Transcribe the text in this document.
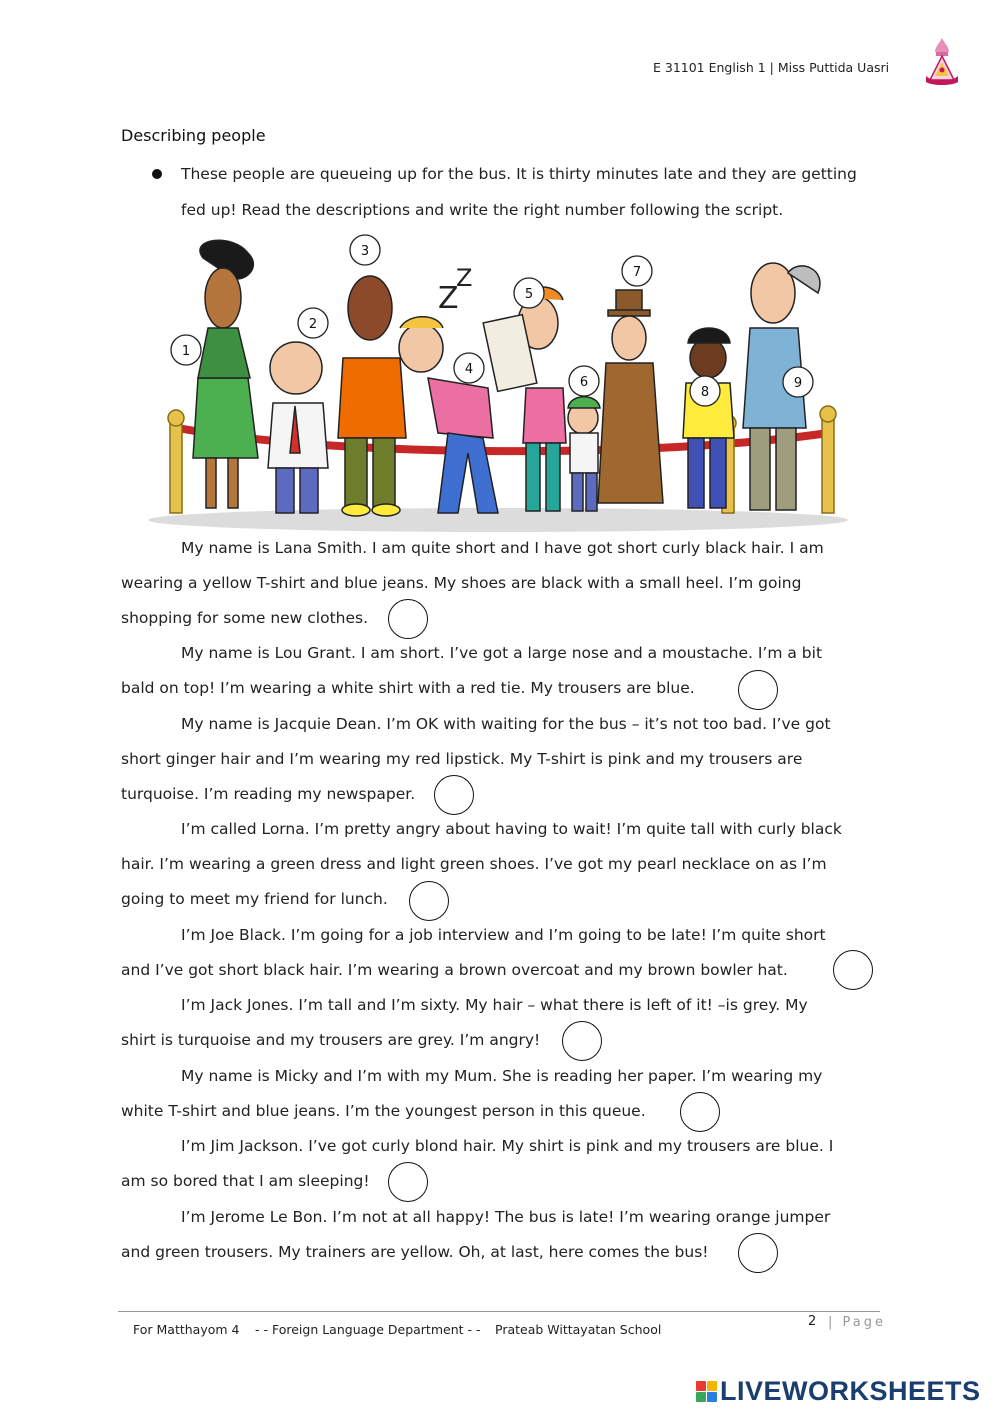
E 31101 English 1 | Miss Puttida Uasri
Describing people
These people are queueing up for the bus. It is thirty minutes late and they are getting
fed up! Read the descriptions and write the right number following the script.
Z
Z
1
2
3
4
5
6
7
8
9
My name is Lana Smith. I am quite short and I have got short curly black hair. I am
wearing a yellow T-shirt and blue jeans. My shoes are black with a small heel. I’m going
shopping for some new clothes.
My name is Lou Grant. I am short. I’ve got a large nose and a moustache. I’m a bit
bald on top! I’m wearing a white shirt with a red tie. My trousers are blue.
My name is Jacquie Dean. I’m OK with waiting for the bus – it’s not too bad. I’ve got
short ginger hair and I’m wearing my red lipstick. My T-shirt is pink and my trousers are
turquoise. I’m reading my newspaper.
I’m called Lorna. I’m pretty angry about having to wait! I’m quite tall with curly black
hair. I’m wearing a green dress and light green shoes. I’ve got my pearl necklace on as I’m
going to meet my friend for lunch.
I’m Joe Black. I’m going for a job interview and I’m going to be late! I’m quite short
and I’ve got short black hair. I’m wearing a brown overcoat and my brown bowler hat.
I’m Jack Jones. I’m tall and I’m sixty. My hair – what there is left of it! –is grey. My
shirt is turquoise and my trousers are grey. I’m angry!
My name is Micky and I’m with my Mum. She is reading her paper. I’m wearing my
white T-shirt and blue jeans. I’m the youngest person in this queue.
I’m Jim Jackson. I’ve got curly blond hair. My shirt is pink and my trousers are blue. I
am so bored that I am sleeping!
I’m Jerome Le Bon. I’m not at all happy! The bus is late! I’m wearing orange jumper
and green trousers. My trainers are yellow. Oh, at last, here comes the bus!
For Matthayom 4 - - Foreign Language Department - - Prateab Wittayatan School
2 | Page
LIVEWORKSHEETS
